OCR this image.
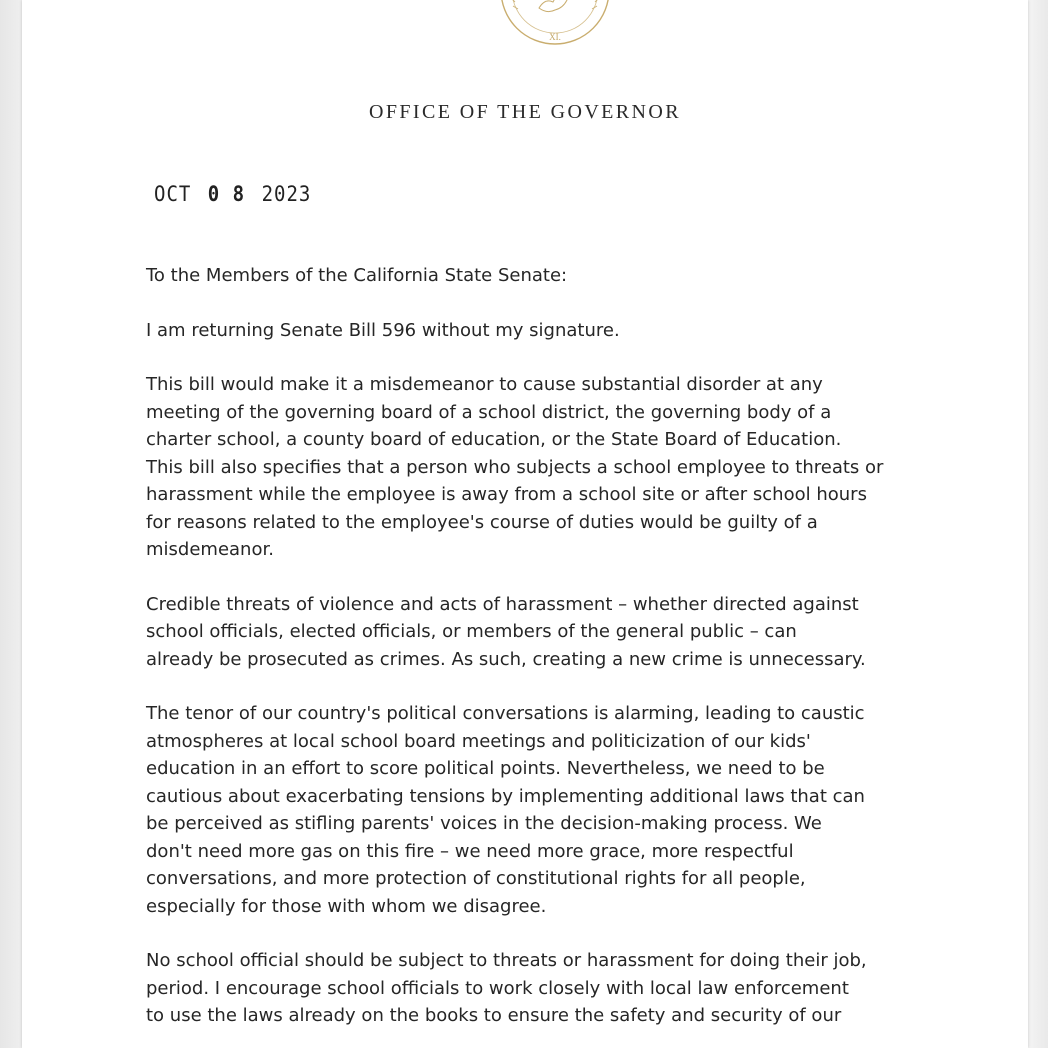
XI.
OFFICE OF THE GOVERNOR
OCT 0 8 2023

To the Members of the California State Senate:

I am returning Senate Bill 596 without my signature.

This bill would make it a misdemeanor to cause substantial disorder at any
meeting of the governing board of a school district, the governing body of a
charter school, a county board of education, or the State Board of Education.
This bill also specifies that a person who subjects a school employee to threats or
harassment while the employee is away from a school site or after school hours
for reasons related to the employee's course of duties would be guilty of a
misdemeanor.

Credible threats of violence and acts of harassment – whether directed against
school officials, elected officials, or members of the general public – can
already be prosecuted as crimes. As such, creating a new crime is unnecessary.

The tenor of our country's political conversations is alarming, leading to caustic
atmospheres at local school board meetings and politicization of our kids'
education in an effort to score political points. Nevertheless, we need to be
cautious about exacerbating tensions by implementing additional laws that can
be perceived as stifling parents' voices in the decision-making process. We
don't need more gas on this fire – we need more grace, more respectful
conversations, and more protection of constitutional rights for all people,
especially for those with whom we disagree.

No school official should be subject to threats or harassment for doing their job,
period. I encourage school officials to work closely with local law enforcement
to use the laws already on the books to ensure the safety and security of our
